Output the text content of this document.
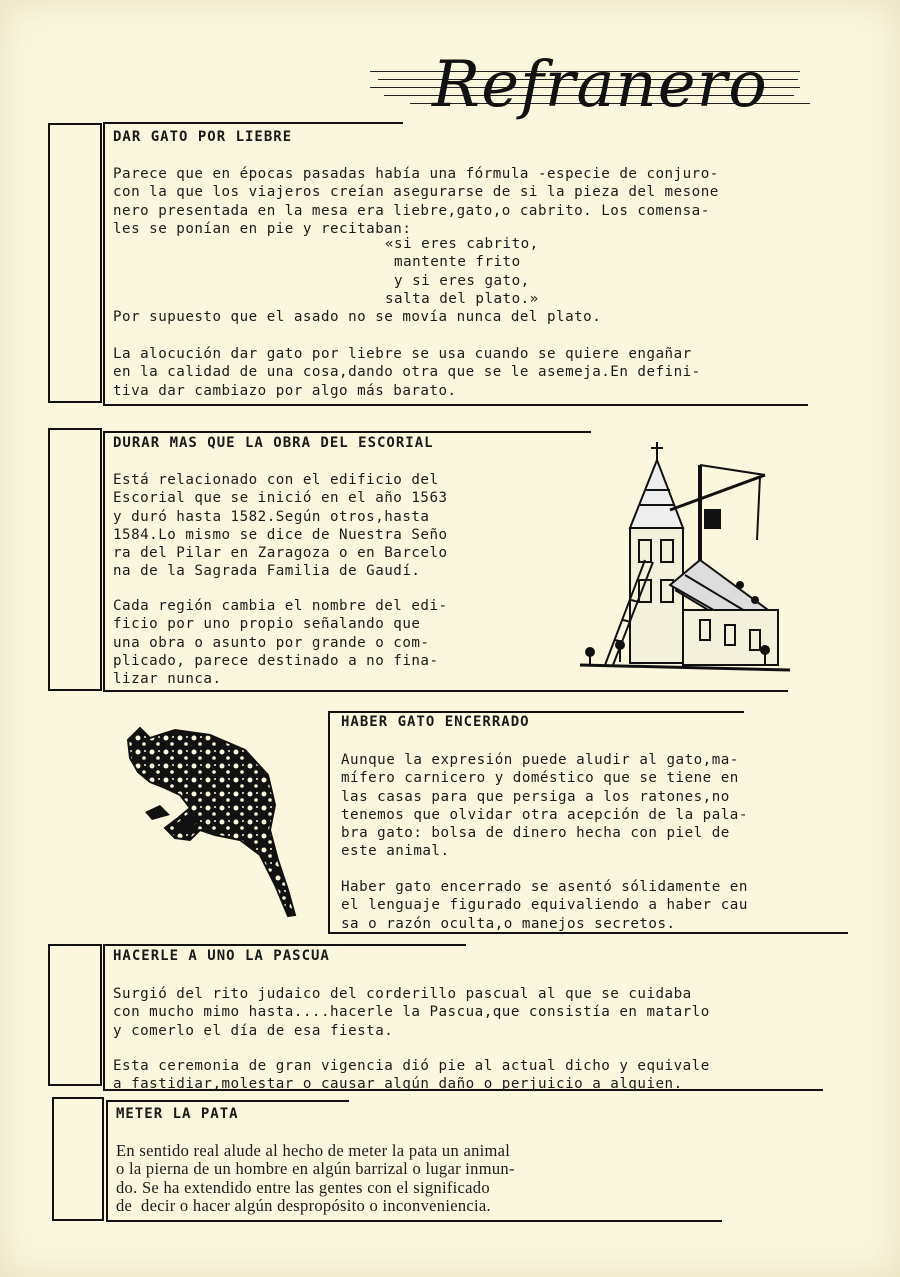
Refranero
DAR GATO POR LIEBRE
Parece que en épocas pasadas había una fórmula -especie de conjuro-
con la que los viajeros creían asegurarse de si la pieza del mesone
nero presentada en la mesa era liebre,gato,o cabrito. Los comensa-
les se ponían en pie y recitaban:
«si eres cabrito,
mantente frito
y si eres gato,
salta del plato.»
Por supuesto que el asado no se movía nunca del plato.
La alocución dar gato por liebre se usa cuando se quiere engañar
en la calidad de una cosa,dando otra que se le asemeja.En defini-
tiva dar cambiazo por algo más barato.
DURAR MAS QUE LA OBRA DEL ESCORIAL
Está relacionado con el edificio del
Escorial que se inició en el año 1563
y duró hasta 1582.Según otros,hasta
1584.Lo mismo se dice de Nuestra Seño
ra del Pilar en Zaragoza o en Barcelo
na de la Sagrada Familia de Gaudí.
Cada región cambia el nombre del edi-
ficio por uno propio señalando que
una obra o asunto por grande o com-
plicado, parece destinado a no fina-
lizar nunca.
HABER GATO ENCERRADO
Aunque la expresión puede aludir al gato,ma-
mífero carnicero y doméstico que se tiene en
las casas para que persiga a los ratones,no
tenemos que olvidar otra acepción de la pala-
bra gato: bolsa de dinero hecha con piel de
este animal.
Haber gato encerrado se asentó sólidamente en
el lenguaje figurado equivaliendo a haber cau
sa o razón oculta,o manejos secretos.
HACERLE A UNO LA PASCUA
Surgió del rito judaico del corderillo pascual al que se cuidaba
con mucho mimo hasta....hacerle la Pascua,que consistía en matarlo
y comerlo el día de esa fiesta.
Esta ceremonia de gran vigencia dió pie al actual dicho y equivale
a fastidiar,molestar o causar algún daño o perjuicio a alguien.
METER LA PATA
En sentido real alude al hecho de meter la pata un animal
o la pierna de un hombre en algún barrizal o lugar inmun-
do. Se ha extendido entre las gentes con el significado
de  decir o hacer algún despropósito o inconveniencia.
